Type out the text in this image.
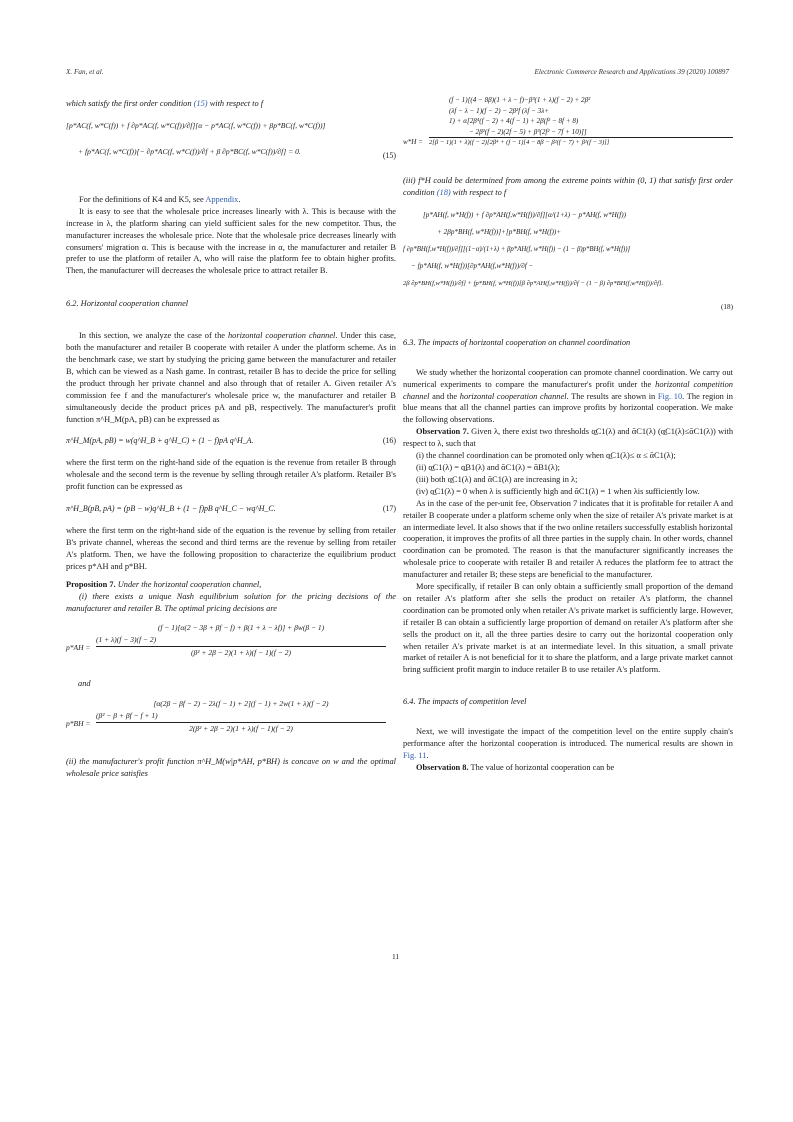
X. Fan, et al.	Electronic Commerce Research and Applications 39 (2020) 100897

which satisfy the first order condition (15) with respect to f

[p*AC(f, w*C(f)) + f ∂p*AC(f, w*C(f))/∂f][α − p*AC(f, w*C(f)) + βp*BC(f, w*C(f))]
+ fp*AC(f, w*C(f))[− ∂p*AC(f, w*C(f))/∂f + β ∂p*BC(f, w*C(f))/∂f] = 0.	(15)

For the definitions of K4 and K5, see Appendix.

It is easy to see that the wholesale price increases linearly with λ. This is because with the increase in λ, the platform sharing can yield sufficient sales for the new competitor. Thus, the manufacturer increases the wholesale price. Note that the wholesale price decreases linearly with consumers' migration α. This is because with the increase in α, the manufacturer and retailer B prefer to use the platform of retailer A, who will raise the platform fee to obtain higher profits. Then, the manufacturer will decreases the wholesale price to attract retailer B.

6.2. Horizontal cooperation channel

In this section, we analyze the case of the horizontal cooperation channel. Under this case, both the manufacturer and retailer B cooperate with retailer A under the platform scheme. As in the benchmark case, we start by studying the pricing game between the manufacturer and retailer B, which can be viewed as a Nash game. In contrast, retailer B has to decide the price for selling the product through her private channel and also through that of retailer A. Given retailer A's commission fee f and the manufacturer's wholesale price w, the manufacturer and retailer B simultaneously decide the product prices pA and pB, respectively. The manufacturer's profit function π^H_M(pA, pB) can be expressed as

π^H_M(pA, pB) = w(q^H_B + q^H_C) + (1 − f)pA q^H_A.	(16)

where the first term on the right-hand side of the equation is the revenue from retailer B through wholesale and the second term is the revenue by selling through retailer A's platform. Retailer B's profit function can be expressed as

π^H_B(pB, pA) = (pB − w)q^H_B + (1 − f)pB q^H_C − wq^H_C.	(17)

where the first term on the right-hand side of the equation is the revenue by selling from retailer B's private channel, whereas the second and third terms are the revenue by selling from retailer A's platform. Then, we have the following proposition to characterize the equilibrium product prices p*AH and p*BH.

Proposition 7. Under the horizontal cooperation channel,

(i) there exists a unique Nash equilibrium solution for the pricing decisions of the manufacturer and retailer B. The optimal pricing decisions are

p*AH =
(f − 1)[α(2 − 3β + βf − f) + β(1 + λ − λf)] + βw(β − 1)
(1 + λ)(f − 3)(f − 2)
(β² + 2β − 2)(1 + λ)(f − 1)(f − 2)

and

p*BH =
[α(2β − βf − 2) − 2λ(f − 1) + 2](f − 1) + 2w(1 + λ)(f − 2)
(β² − β + βf − f + 1)
2(β² + 2β − 2)(1 + λ)(f − 1)(f − 2)

(ii) the manufacturer's profit function π^H_M(w|p*AH, p*BH) is concave on w and the optimal wholesale price satisfies

w*H =
(f − 1)[(4 − 8β)(1 + λ − f)−β³(1 + λ)(f − 2) + 2β²
(λf − λ − 1)(f − 2) − 2β²f (λf − 3λ+
1) + α[2β⁴(f − 2) + 4(f − 1) + 2β(f² − 8f + 8)
− 2β²(f − 2)(2f − 5) + β³(2f² − 7f + 10)]]
2[β − 1)(1 + λ)(f − 2)[2β⁴ + (f − 1)[4 − 8β − β²(f − 7) + β²(f − 3)]]

(iii) f*H could be determined from among the extreme points within (0, 1) that satisfy first order condition (18) with respect to f

[p*AH(f, w*H(f)) + f ∂p*AH(f,w*H(f))/∂f][α/(1+λ) − p*AH(f, w*H(f))
+ 2βp*BH(f, w*H(f))]+[p*BH(f, w*H(f))+
f ∂p*BH(f,w*H(f))/∂f][(1−α)/(1+λ) + βp*AH(f, w*H(f)) − (1 − β)p*BH(f, w*H(f))]
− fp*AH(f, w*H(f))[∂p*AH(f,w*H(f))/∂f −
2β ∂p*BH(f,w*H(f))/∂f] + fp*BH(f, w*H(f))[β ∂p*AH(f,w*H(f))/∂f − (1 − β) ∂p*BH(f,w*H(f))/∂f].
(18)

6.3. The impacts of horizontal cooperation on channel coordination

We study whether the horizontal cooperation can promote channel coordination. We carry out numerical experiments to compare the manufacturer's profit under the horizontal competition channel and the horizontal cooperation channel. The results are shown in Fig. 10. The region in blue means that all the channel parties can improve profits by horizontal cooperation. We make the following observations.

Observation 7. Given λ, there exist two thresholds α̲C1(λ) and ᾱC1(λ) (α̲C1(λ)≤ᾱC1(λ)) with respect to λ, such that

(i) the channel coordination can be promoted only when α̲C1(λ)≤ α ≤ ᾱC1(λ);

(ii) α̲C1(λ) = α̲B1(λ) and ᾱC1(λ) = ᾱB1(λ);

(iii) both α̲C1(λ) and ᾱC1(λ) are increasing in λ;

(iv) α̲C1(λ) = 0 when λ is sufficiently high and ᾱC1(λ) = 1 when λis sufficiently low.

As in the case of the per-unit fee, Observation 7 indicates that it is profitable for retailer A and retailer B cooperate under a platform scheme only when the size of retailer A's private market is at an intermediate level. It also shows that if the two online retailers successfully establish horizontal cooperation, it improves the profits of all three parties in the supply chain. In other words, channel coordination can be promoted. The reason is that the manufacturer significantly increases the wholesale price to cooperate with retailer B and retailer A reduces the platform fee to attract the manufacturer and retailer B; these steps are beneficial to the manufacturer.

More specifically, if retailer B can only obtain a sufficiently small proportion of the demand on retailer A's platform after she sells the product on retailer A's platform, the channel coordination can be promoted only when retailer A's private market is sufficiently large. However, if retailer B can obtain a sufficiently large proportion of demand on retailer A's platform after she sells the product on it, all the three parties desire to carry out the horizontal cooperation only when retailer A's private market is at an intermediate level. In this situation, a small private market of retailer A is not beneficial for it to share the platform, and a large private market cannot bring sufficient profit margin to induce retailer B to use retailer A's platform.

6.4. The impacts of competition level

Next, we will investigate the impact of the competition level on the entire supply chain's performance after the horizontal cooperation is introduced. The numerical results are shown in Fig. 11.

Observation 8. The value of horizontal cooperation can be

11
